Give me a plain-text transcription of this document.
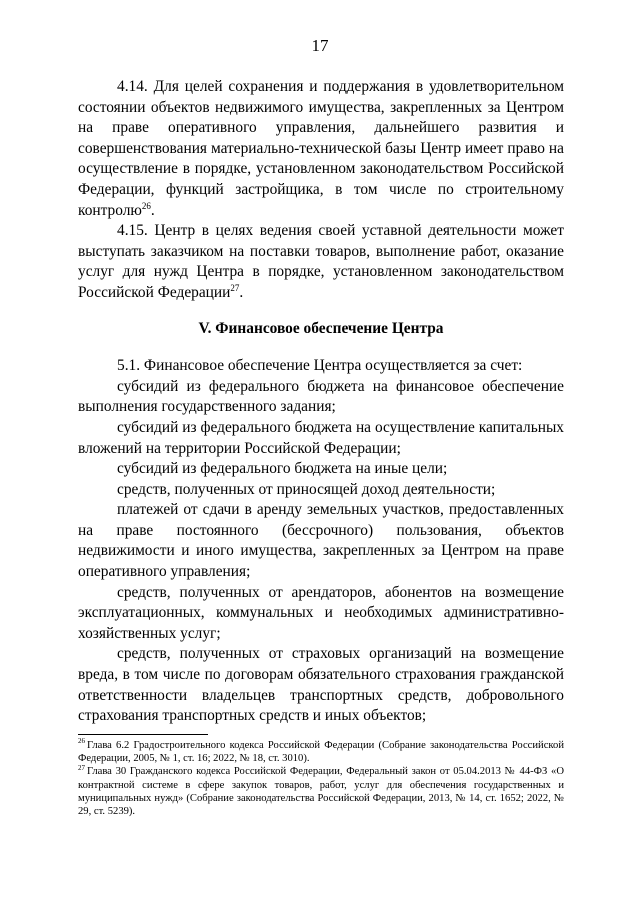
17

4.14. Для целей сохранения и поддержания в удовлетворительном состоянии объектов недвижимого имущества, закрепленных за Центром на праве оперативного управления, дальнейшего развития и совершенствования материально-технической базы Центр имеет право на осуществление в порядке, установленном законодательством Российской Федерации, функций застройщика, в том числе по строительному контролю$^{26}$.

4.15. Центр в целях ведения своей уставной деятельности может выступать заказчиком на поставки товаров, выполнение работ, оказание услуг для нужд Центра в порядке, установленном законодательством Российской Федерации$^{27}$.

V. Финансовое обеспечение Центра

5.1. Финансовое обеспечение Центра осуществляется за счет:

субсидий из федерального бюджета на финансовое обеспечение выполнения государственного задания;

субсидий из федерального бюджета на осуществление капитальных вложений на территории Российской Федерации;

субсидий из федерального бюджета на иные цели;

средств, полученных от приносящей доход деятельности;

платежей от сдачи в аренду земельных участков, предоставленных на праве постоянного (бессрочного) пользования, объектов недвижимости и иного имущества, закрепленных за Центром на праве оперативного управления;

средств, полученных от арендаторов, абонентов на возмещение эксплуатационных, коммунальных и необходимых административно-хозяйственных услуг;

средств, полученных от страховых организаций на возмещение вреда, в том числе по договорам обязательного страхования гражданской ответственности владельцев транспортных средств, добровольного страхования транспортных средств и иных объектов;

$^{26}$ Глава 6.2 Градостроительного кодекса Российской Федерации (Собрание законодательства Российской Федерации, 2005, № 1, ст. 16; 2022, № 18, ст. 3010).

$^{27}$ Глава 30 Гражданского кодекса Российской Федерации, Федеральный закон от 05.04.2013 № 44-ФЗ «О контрактной системе в сфере закупок товаров, работ, услуг для обеспечения государственных и муниципальных нужд» (Собрание законодательства Российской Федерации, 2013, № 14, ст. 1652; 2022, № 29, ст. 5239).
